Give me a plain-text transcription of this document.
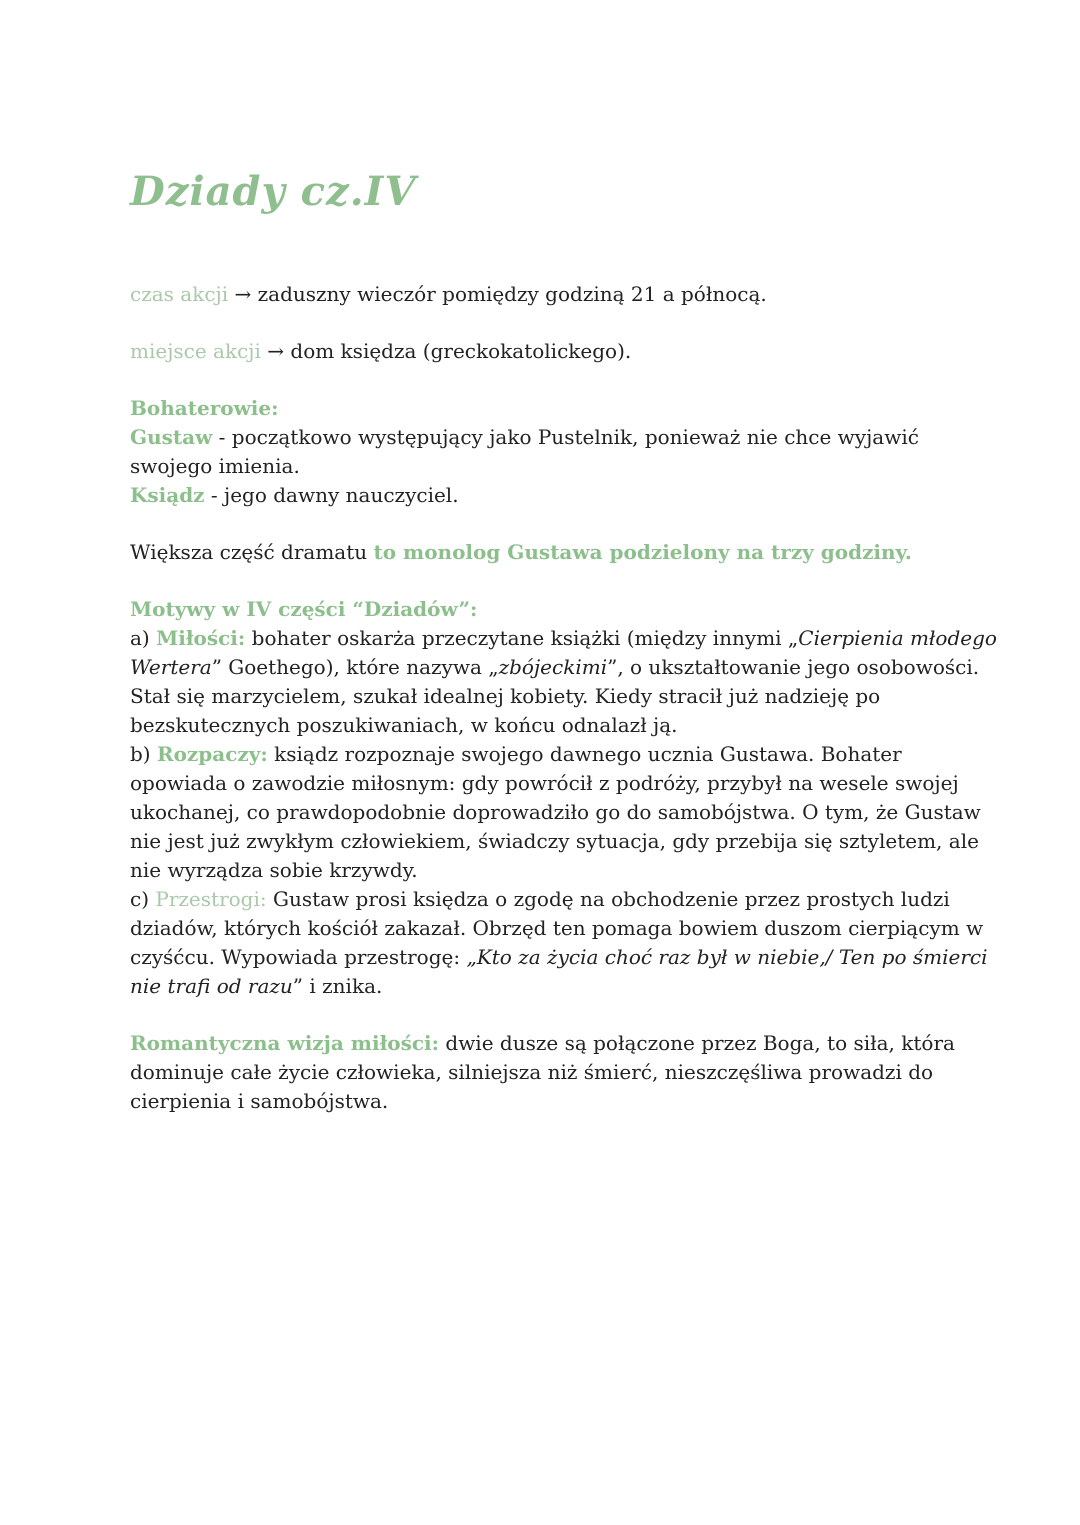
Dziady cz.IV

czas akcji → zaduszny wieczór pomiędzy godziną 21 a północą.

miejsce akcji → dom księdza (greckokatolickego).

Bohaterowie:

Gustaw - początkowo występujący jako Pustelnik, ponieważ nie chce wyjawić

swojego imienia.

Ksiądz - jego dawny nauczyciel.

Większa część dramatu to monolog Gustawa podzielony na trzy godziny.

Motywy w IV części “Dziadów”:

a) Miłości: bohater oskarża przeczytane książki (między innymi „Cierpienia młodego

Wertera” Goethego), które nazywa „zbójeckimi”, o ukształtowanie jego osobowości.

Stał się marzycielem, szukał idealnej kobiety. Kiedy stracił już nadzieję po

bezskutecznych poszukiwaniach, w końcu odnalazł ją.

b) Rozpaczy: ksiądz rozpoznaje swojego dawnego ucznia Gustawa. Bohater

opowiada o zawodzie miłosnym: gdy powrócił z podróży, przybył na wesele swojej

ukochanej, co prawdopodobnie doprowadziło go do samobójstwa. O tym, że Gustaw

nie jest już zwykłym człowiekiem, świadczy sytuacja, gdy przebija się sztyletem, ale

nie wyrządza sobie krzywdy.

c) Przestrogi: Gustaw prosi księdza o zgodę na obchodzenie przez prostych ludzi

dziadów, których kościół zakazał. Obrzęd ten pomaga bowiem duszom cierpiącym w

czyśćcu. Wypowiada przestrogę: „Kto za życia choć raz był w niebie,/ Ten po śmierci

nie trafi od razu” i znika.

Romantyczna wizja miłości: dwie dusze są połączone przez Boga, to siła, która

dominuje całe życie człowieka, silniejsza niż śmierć, nieszczęśliwa prowadzi do

cierpienia i samobójstwa.
